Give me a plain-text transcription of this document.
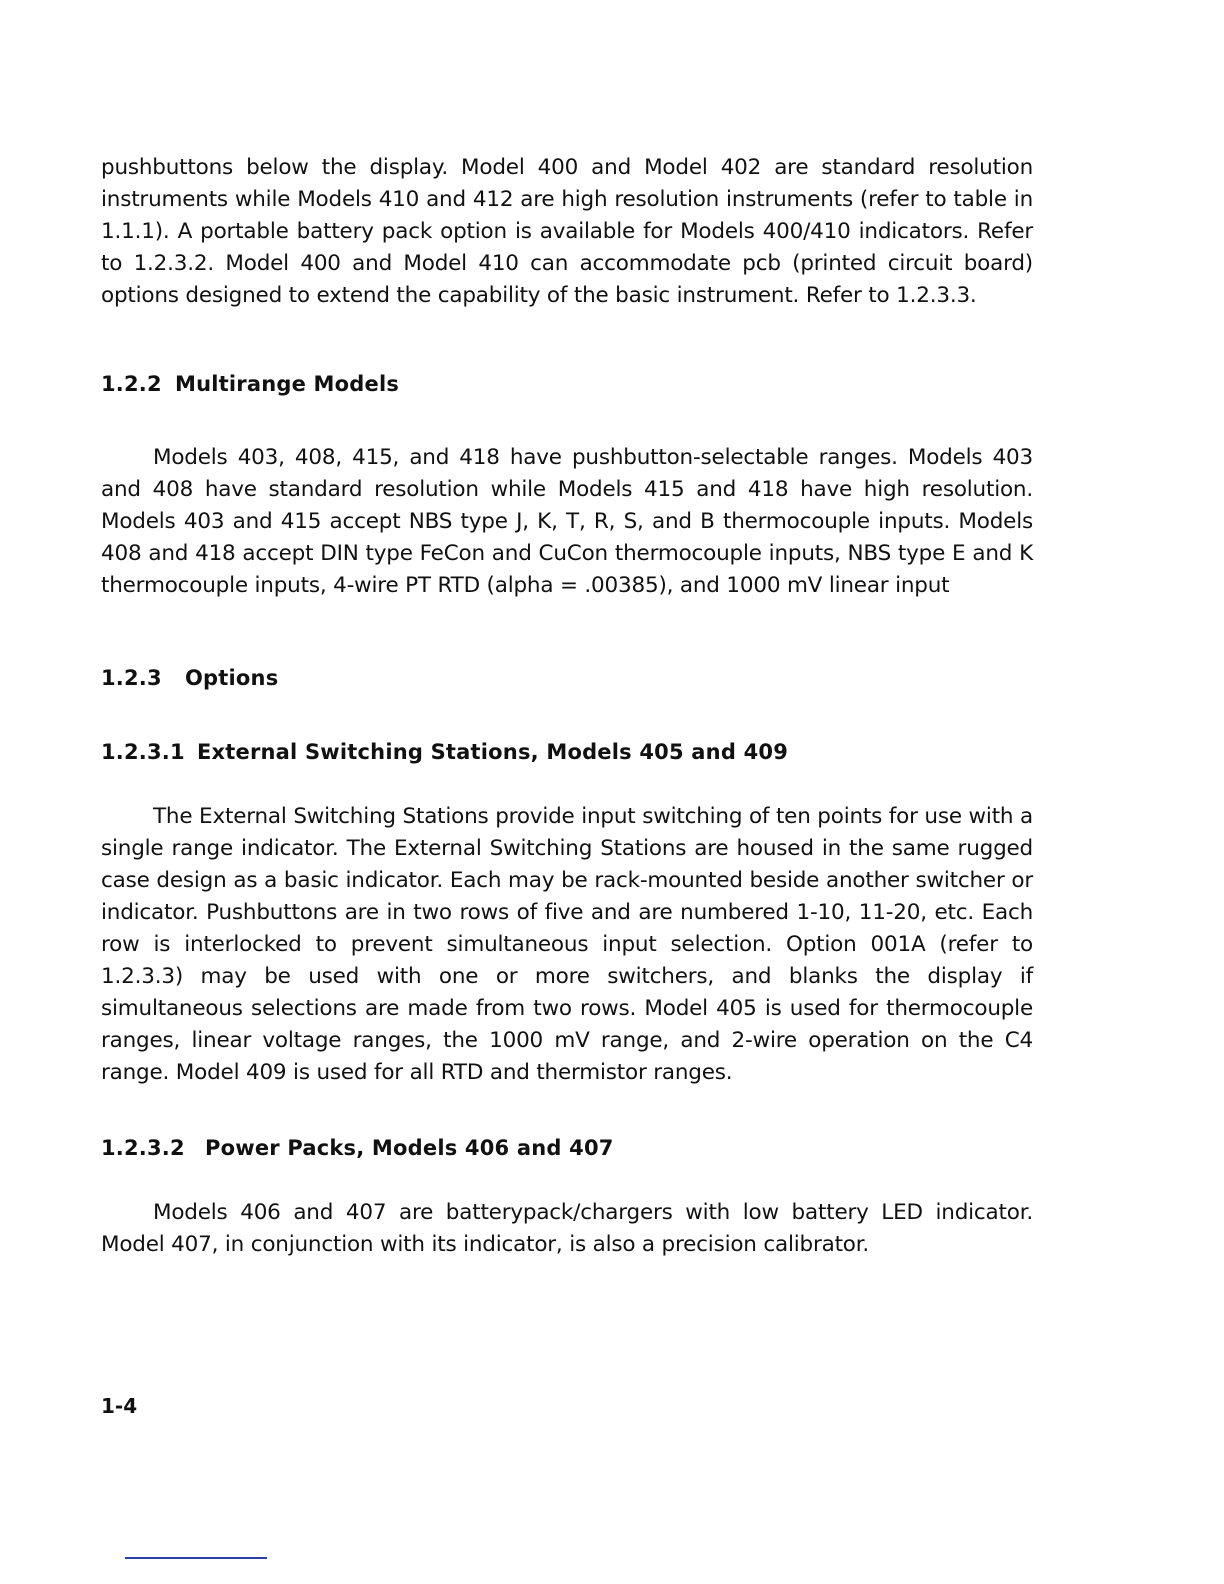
pushbuttons below the display. Model 400 and Model 402 are standard resolution instruments while Models 410 and 412 are high resolution instruments (refer to table in 1.1.1). A portable battery pack option is available for Models 400/410 indicators. Refer to 1.2.3.2. Model 400 and Model 410 can accommodate pcb (printed circuit board) options designed to extend the capability of the basic instrument. Refer to 1.2.3.3.

1.2.2 Multirange Models

Models 403, 408, 415, and 418 have pushbutton-selectable ranges. Models 403 and 408 have standard resolution while Models 415 and 418 have high resolution. Models 403 and 415 accept NBS type J, K, T, R, S, and B thermocouple inputs. Models 408 and 418 accept DIN type FeCon and CuCon thermocouple inputs, NBS type E and K thermocouple inputs, 4-wire PT RTD (alpha = .00385), and 1000 mV linear input

1.2.3 Options
1.2.3.1 External Switching Stations, Models 405 and 409

The External Switching Stations provide input switching of ten points for use with a single range indicator. The External Switching Stations are housed in the same rugged case design as a basic indicator. Each may be rack-mounted beside another switcher or indicator. Pushbuttons are in two rows of five and are numbered 1-10, 11-20, etc. Each row is interlocked to prevent simultaneous input selection. Option 001A (refer to 1.2.3.3) may be used with one or more switchers, and blanks the display if simultaneous selections are made from two rows. Model 405 is used for thermocouple ranges, linear voltage ranges, the 1000 mV range, and 2-wire operation on the C4 range. Model 409 is used for all RTD and thermistor ranges.

1.2.3.2 Power Packs, Models 406 and 407

Models 406 and 407 are batterypack/chargers with low battery LED indicator. Model 407, in conjunction with its indicator, is also a precision calibrator.

1-4
